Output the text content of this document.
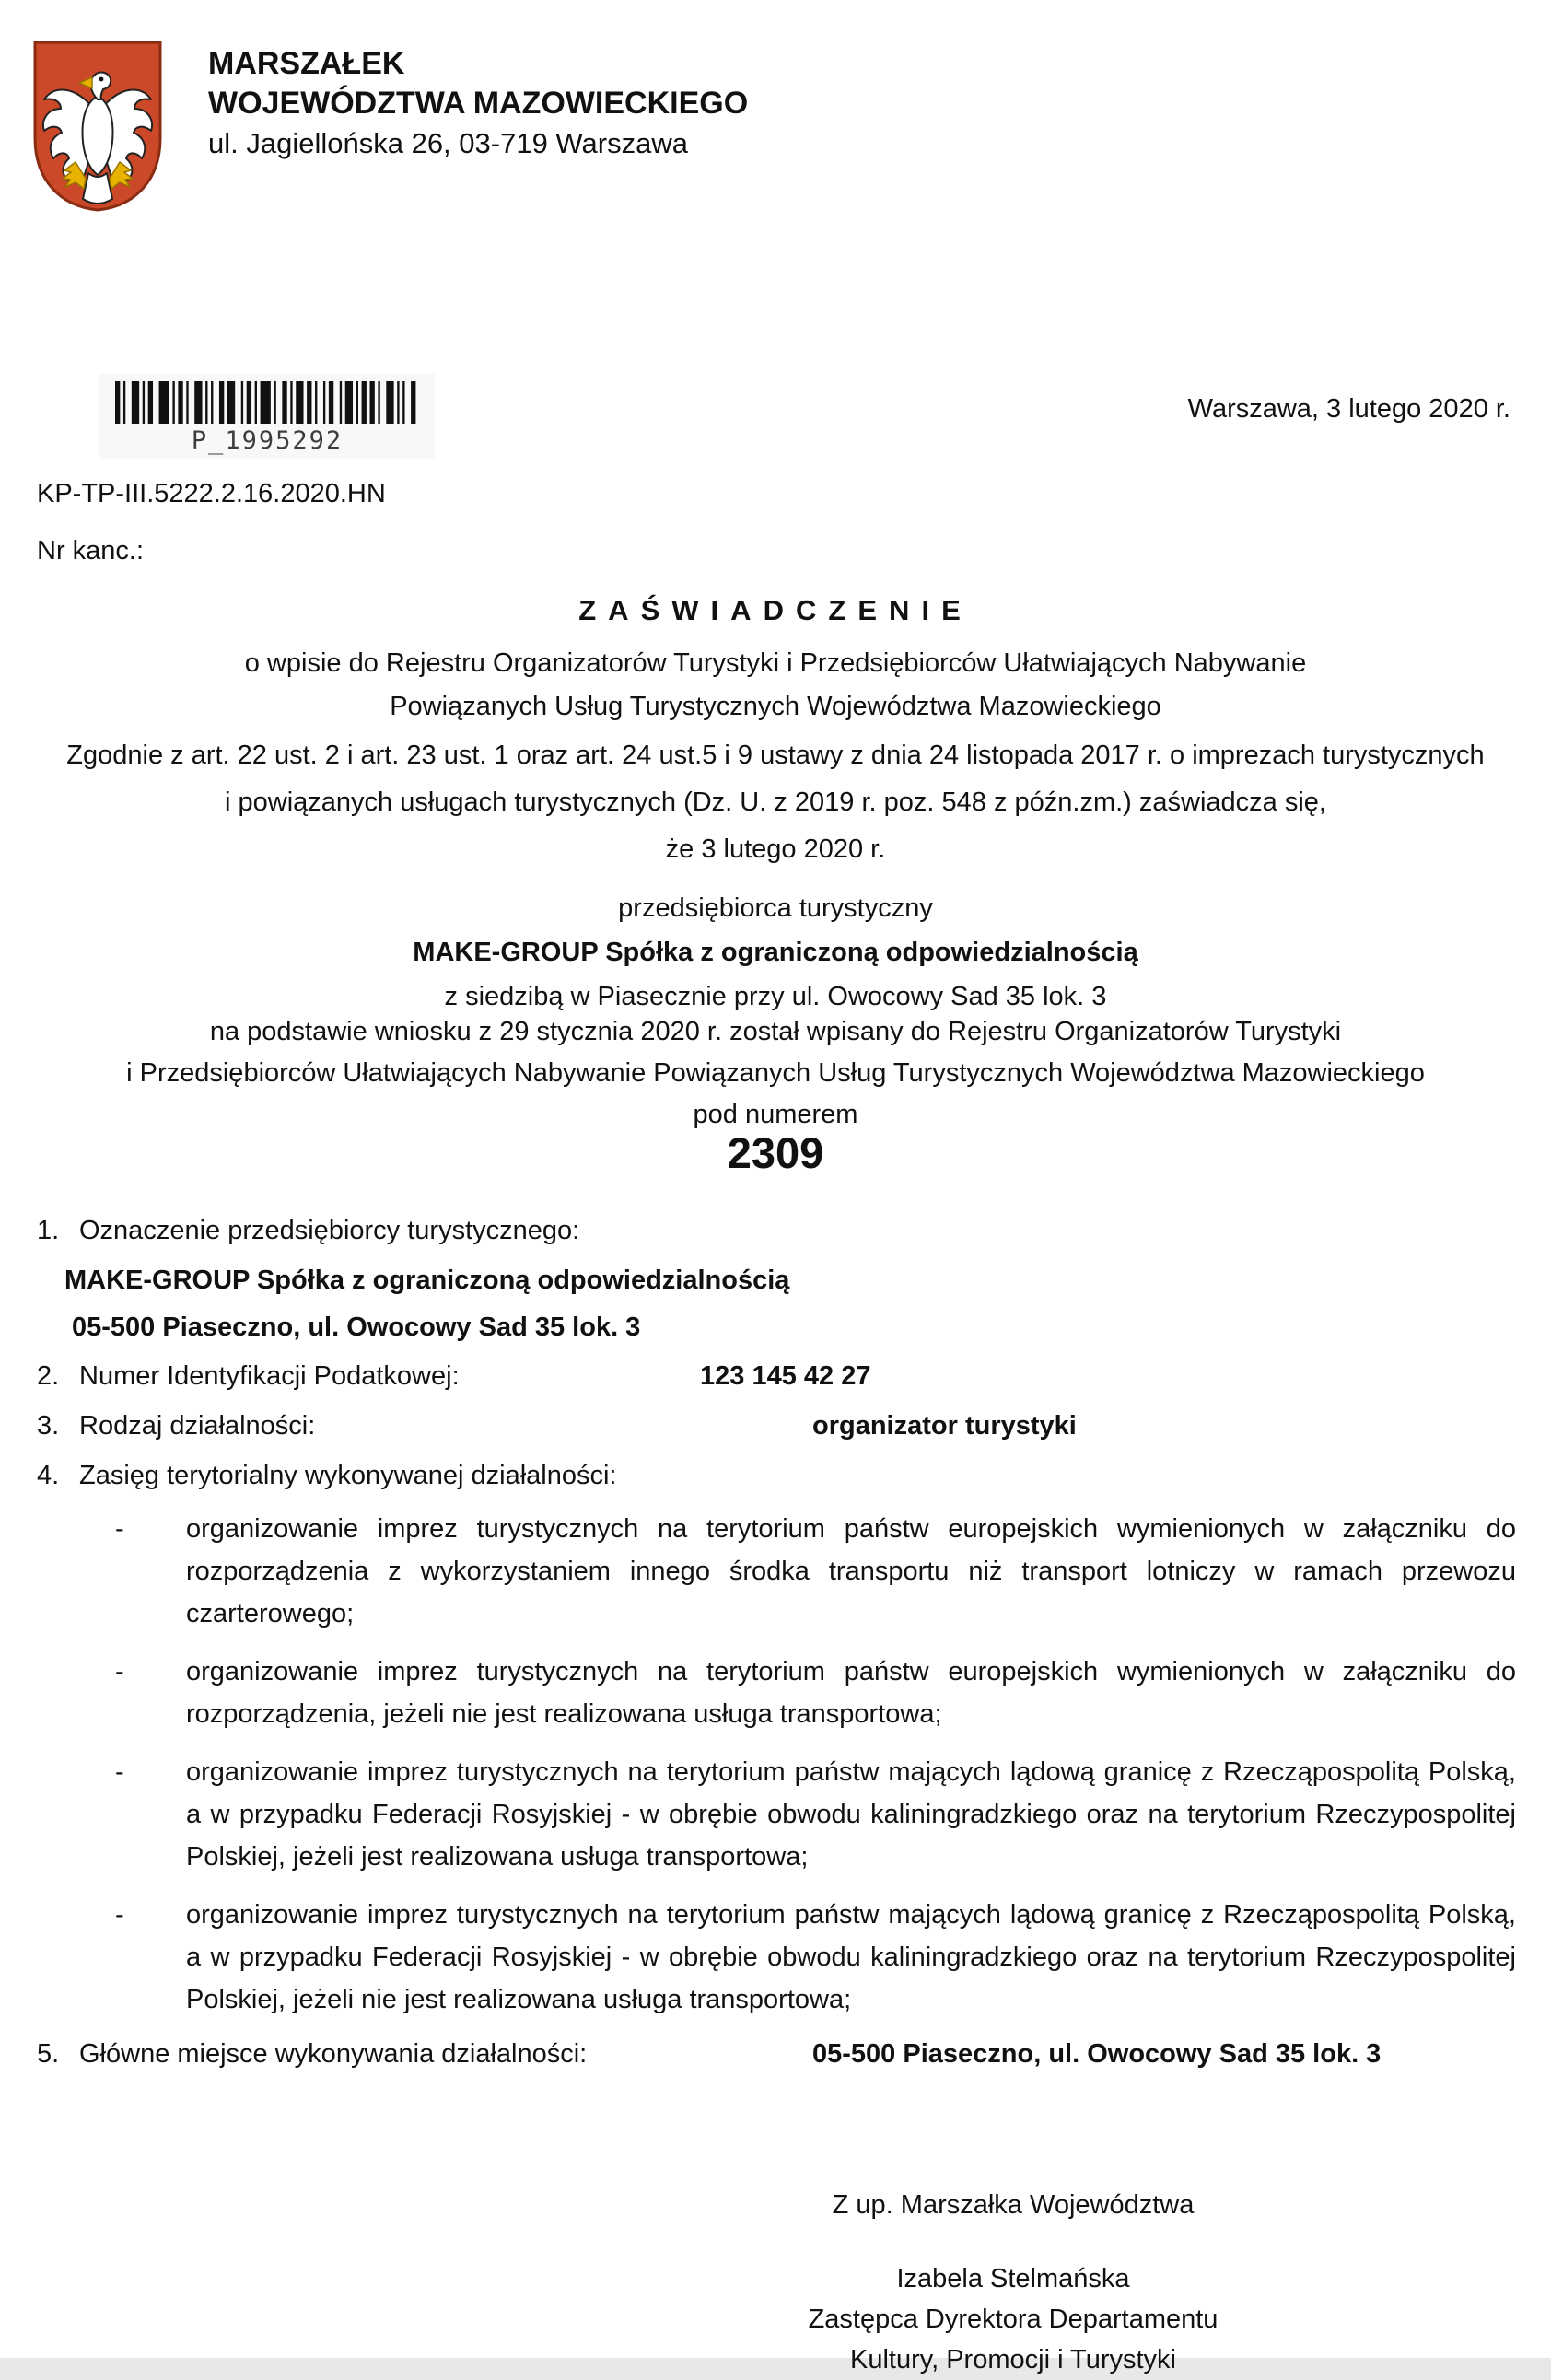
MARSZAŁEK
WOJEWÓDZTWA MAZOWIECKIEGO
ul. Jagiellońska 26, 03-719 Warszawa
Warszawa, 3 lutego 2020 r.
P_1995292
KP-TP-III.5222.2.16.2020.HN
Nr kanc.:
ZAŚWIADCZENIE
o wpisie do Rejestru Organizatorów Turystyki i Przedsiębiorców Ułatwiających Nabywanie
Powiązanych Usług Turystycznych Województwa Mazowieckiego
Zgodnie z art. 22 ust. 2 i art. 23 ust. 1 oraz art. 24 ust.5 i 9 ustawy z dnia 24 listopada 2017 r. o imprezach turystycznych
i powiązanych usługach turystycznych (Dz. U. z 2019 r. poz. 548 z późn.zm.) zaświadcza się,
że 3 lutego 2020 r.
przedsiębiorca turystyczny
MAKE-GROUP Spółka z ograniczoną odpowiedzialnością
z siedzibą w Piasecznie przy ul. Owocowy Sad 35 lok. 3
na podstawie wniosku z 29 stycznia 2020 r. został wpisany do Rejestru Organizatorów Turystyki
i Przedsiębiorców Ułatwiających Nabywanie Powiązanych Usług Turystycznych Województwa Mazowieckiego
pod numerem
2309
1. Oznaczenie przedsiębiorcy turystycznego:
MAKE-GROUP Spółka z ograniczoną odpowiedzialnością
05-500 Piaseczno, ul. Owocowy Sad 35 lok. 3
2. Numer Identyfikacji Podatkowej:	123 145 42 27
3. Rodzaj działalności:	organizator turystyki
4. Zasięg terytorialny wykonywanej działalności:
- organizowanie imprez turystycznych na terytorium państw europejskich wymienionych w załączniku do rozporządzenia z wykorzystaniem innego środka transportu niż transport lotniczy w ramach przewozu czarterowego;
- organizowanie imprez turystycznych na terytorium państw europejskich wymienionych w załączniku do rozporządzenia, jeżeli nie jest realizowana usługa transportowa;
- organizowanie imprez turystycznych na terytorium państw mających lądową granicę z Rzecząpospolitą Polską, a w przypadku Federacji Rosyjskiej - w obrębie obwodu kaliningradzkiego oraz na terytorium Rzeczypospolitej Polskiej, jeżeli jest realizowana usługa transportowa;
- organizowanie imprez turystycznych na terytorium państw mających lądową granicę z Rzecząpospolitą Polską, a w przypadku Federacji Rosyjskiej - w obrębie obwodu kaliningradzkiego oraz na terytorium Rzeczypospolitej Polskiej, jeżeli nie jest realizowana usługa transportowa;
5. Główne miejsce wykonywania działalności:	05-500 Piaseczno, ul. Owocowy Sad 35 lok. 3
Z up. Marszałka Województwa
Izabela Stelmańska
Zastępca Dyrektora Departamentu
Kultury, Promocji i Turystyki
